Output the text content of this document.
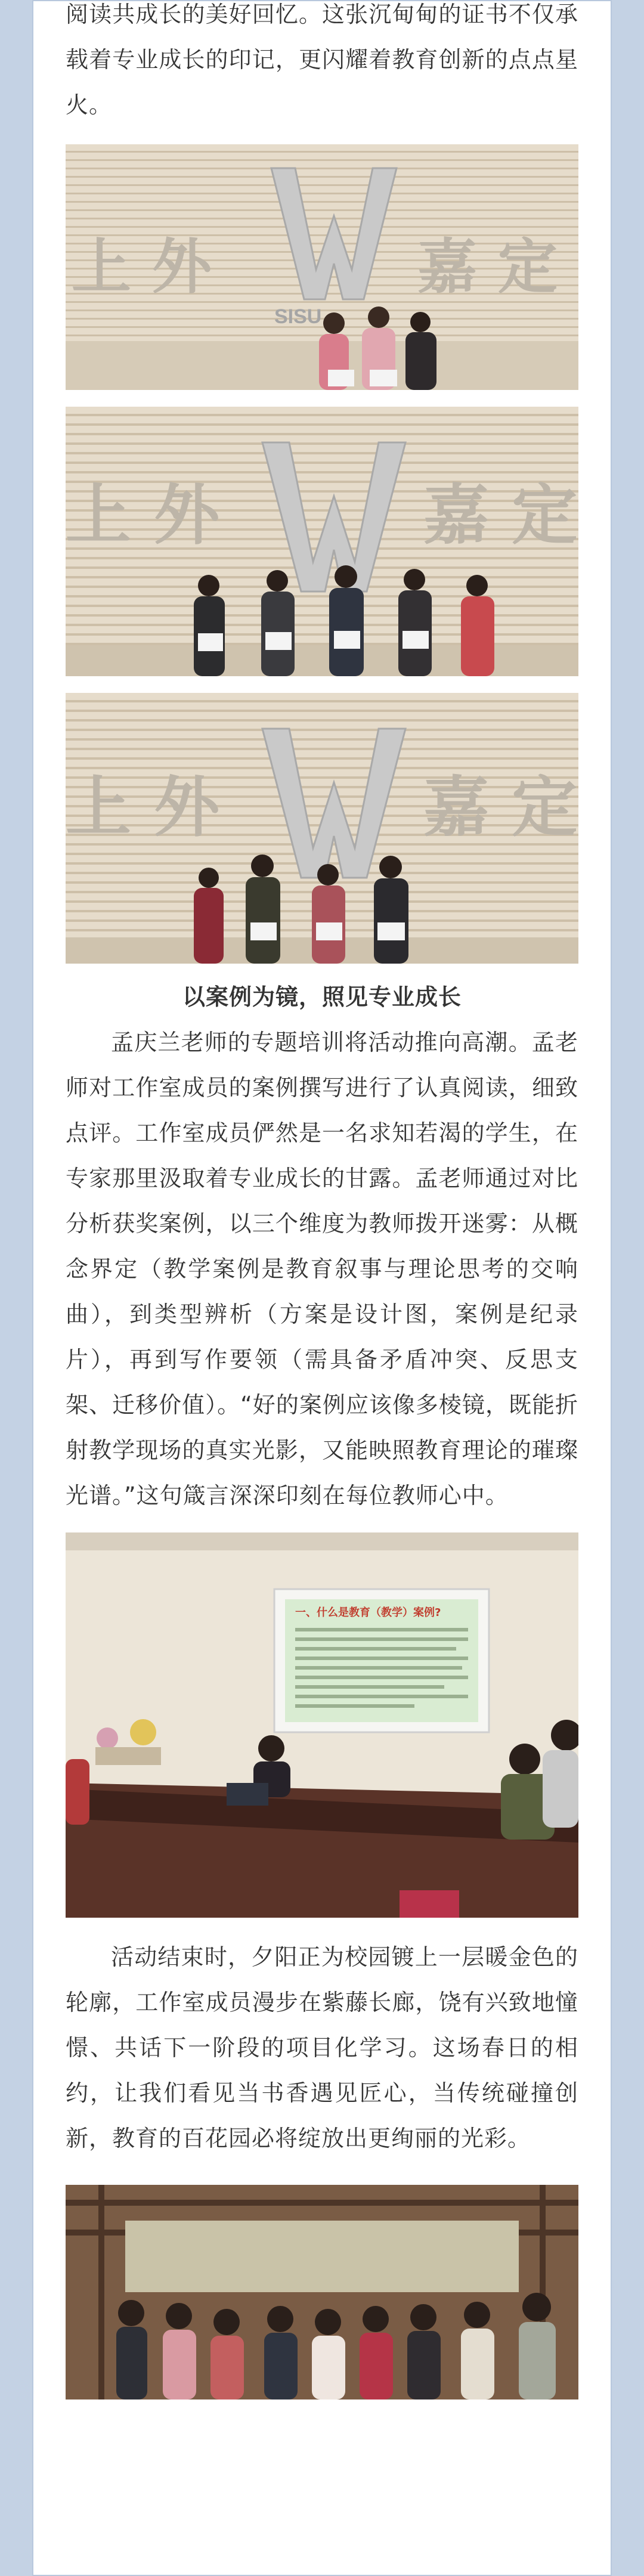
阅读共成长的美好回忆。这张沉甸甸的证书不仅承载着专业成长的印记，更闪耀着教育创新的点点星火。

SISU
上 外	嘉 定
上 外	嘉 定
上 外	嘉 定

以案例为镜，照见专业成长

孟庆兰老师的专题培训将活动推向高潮。孟老师对工作室成员的案例撰写进行了认真阅读，细致点评。工作室成员俨然是一名求知若渴的学生，在专家那里汲取着专业成长的甘露。孟老师通过对比分析获奖案例，以三个维度为教师拨开迷雾：从概念界定（教学案例是教育叙事与理论思考的交响曲），到类型辨析（方案是设计图，案例是纪录片），再到写作要领（需具备矛盾冲突、反思支架、迁移价值）。“好的案例应该像多棱镜，既能折射教学现场的真实光影，又能映照教育理论的璀璨光谱。”这句箴言深深印刻在每位教师心中。

一、什么是教育（教学）案例?

活动结束时，夕阳正为校园镀上一层暖金色的轮廓，工作室成员漫步在紫藤长廊，饶有兴致地憧憬、共话下一阶段的项目化学习。这场春日的相约，让我们看见当书香遇见匠心，当传统碰撞创新，教育的百花园必将绽放出更绚丽的光彩。
